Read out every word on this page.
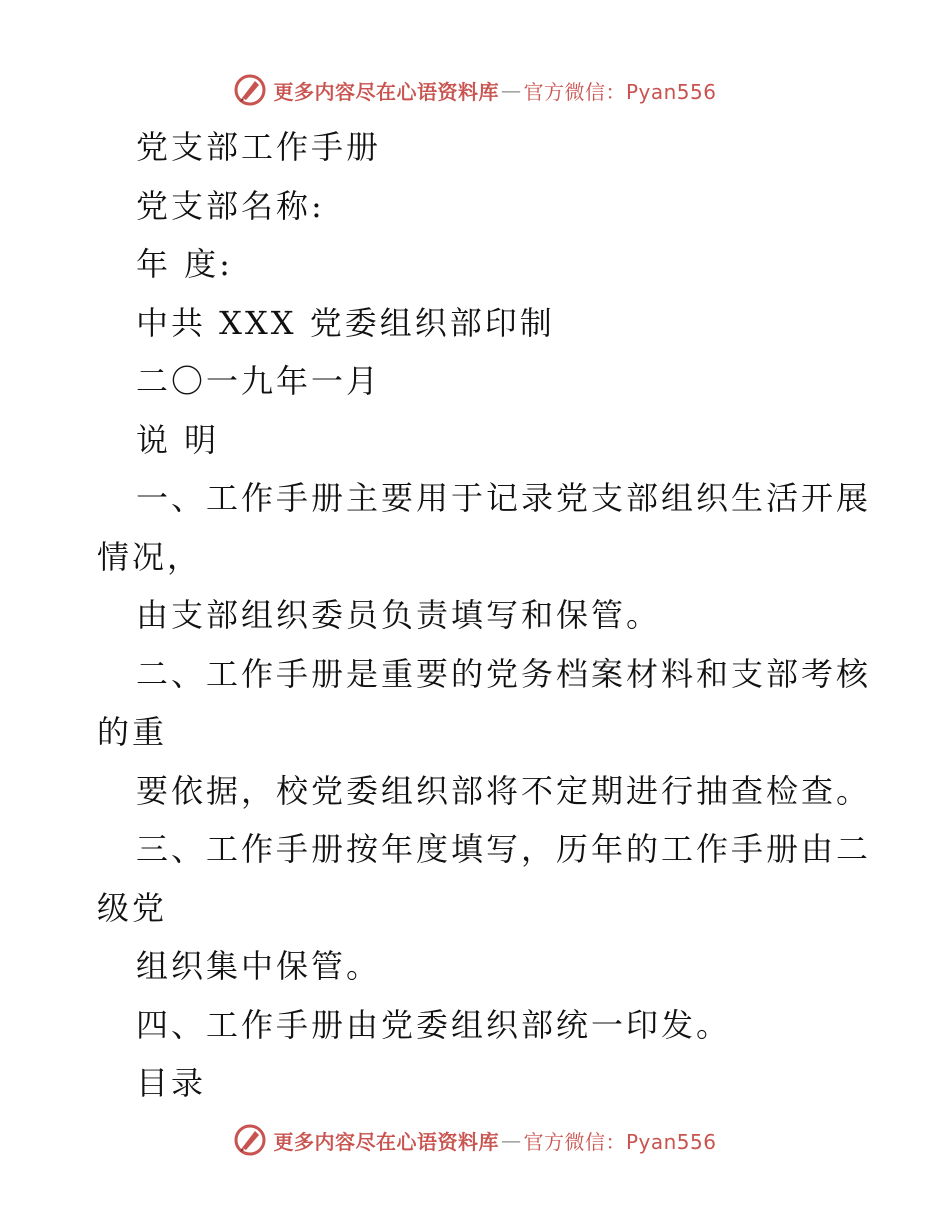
更多内容尽在心语资料库 — 官方微信：Pyan556
党支部工作手册
党支部名称:
年 度:
中共 XXX 党委组织部印制
二〇一九年一月
说 明
一、工作手册主要用于记录党支部组织生活开展
情况，
由支部组织委员负责填写和保管。
二、工作手册是重要的党务档案材料和支部考核
的重
要依据，校党委组织部将不定期进行抽查检查。
三、工作手册按年度填写，历年的工作手册由二
级党
组织集中保管。
四、工作手册由党委组织部统一印发。
目录
更多内容尽在心语资料库 — 官方微信：Pyan556
